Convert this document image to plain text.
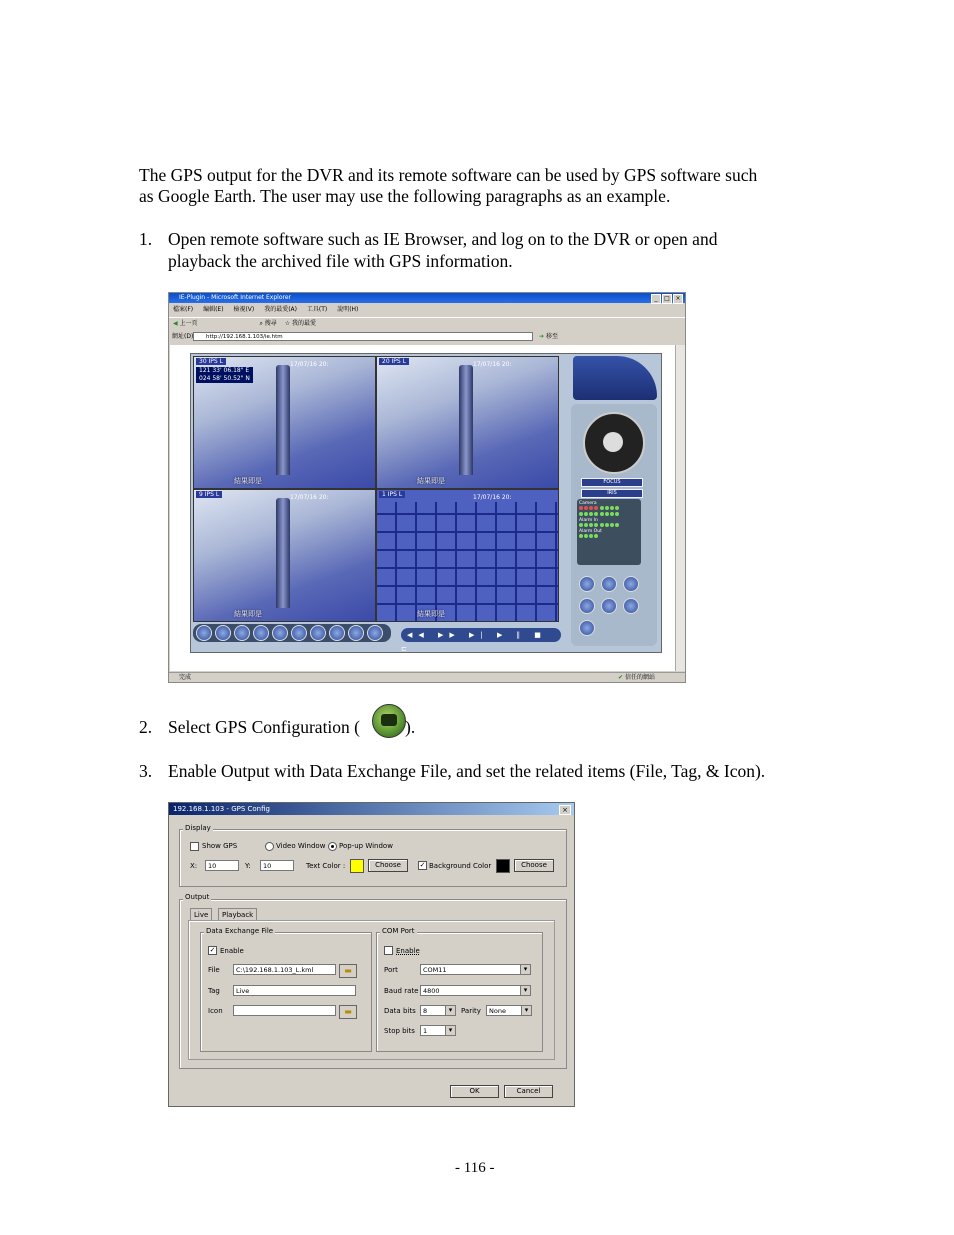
The GPS output for the DVR and its remote software can be used by GPS software such
as Google Earth. The user may use the following paragraphs as an example.
1. Open remote software such as IE Browser, and log on to the DVR or open and
playback the archived file with GPS information.
IE-Plugin - Microsoft Internet Explorer	_	□ ×
檔案(F) 編輯(E) 檢視(V) 我的最愛(A) 工具(T) 說明(H)
◀ 上一頁	⌕ 搜尋 ☆ 我的最愛
網址(D)	http://192.168.1.103/ie.htm	➔ 移至
30 IPS L	17/07/16 20:
121 33' 06.18" E
024 58' 50.52" N
結果即是
20 IPS L	17/07/16 20:
結果即是
9 IPS L	17/07/16 20:
結果即是
1 IPS L	17/07/16 20:
結果即是
FOCUS
IRIS
Camera

Alarm In

Alarm Out
◀◀ ▶▶ ▶| ▶ ‖ ■ ⊏
完成	✔ 信任的網站
2. Select GPS Configuration (	).
3. Enable Output with Data Exchange File, and set the related items (File, Tag, & Icon).
192.168.1.103 - GPS Config	×
Display
Show GPS	Video Window Pop-up Window
X:	10	Y:	10	Text Color :	Choose	✓ Background Color	Choose
Output
Live	Playback
Data Exchange File
✓ Enable
File	C:\192.168.1.103_L.kml	▬
Tag	Live
Icon	▬
COM Port
Enable
Port	COM11 ▾
Baud rate 4800 ▾
Data bits	8 ▾	Parity	None ▾
Stop bits	1 ▾
OK	Cancel
- 116 -
